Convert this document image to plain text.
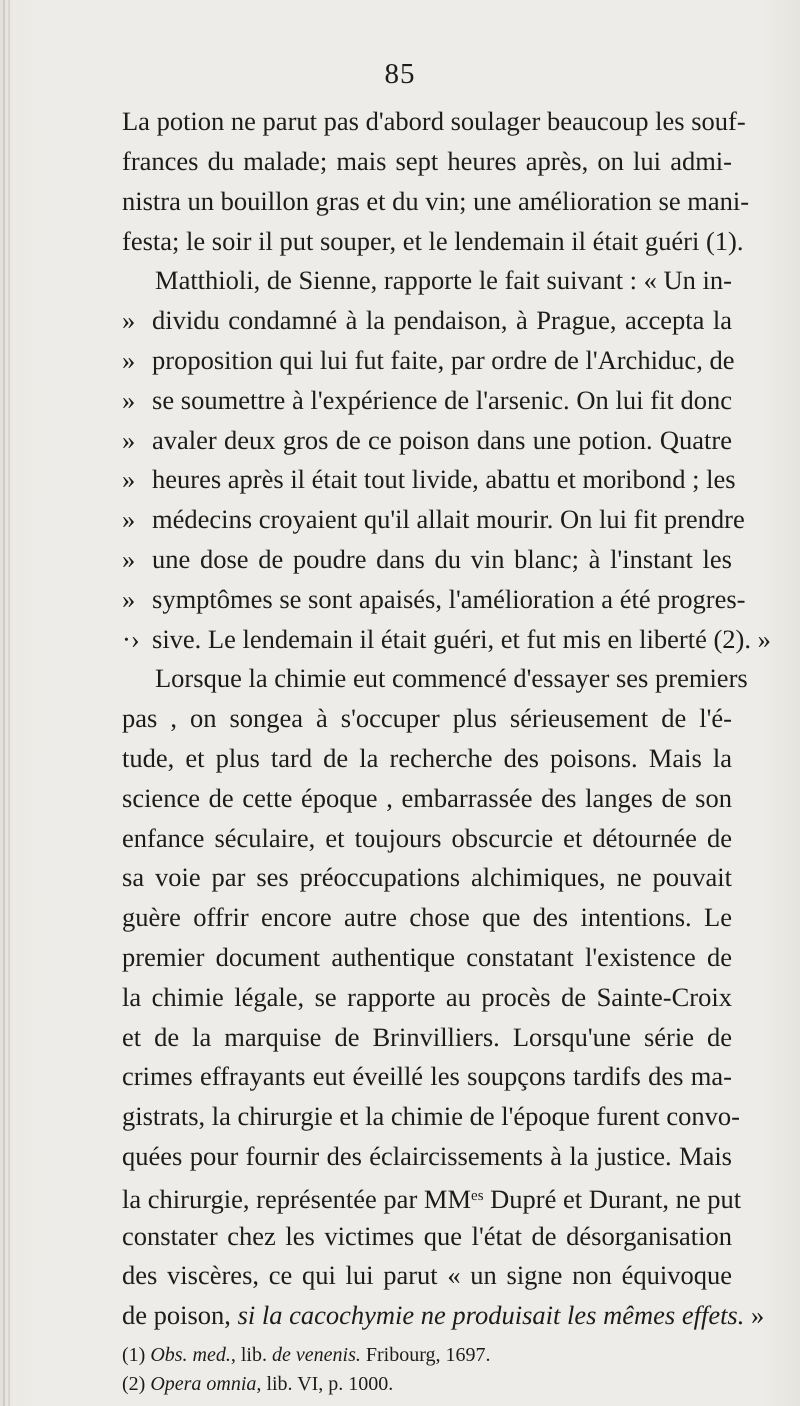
85
La potion ne parut pas d'abord soulager beaucoup les souf-
frances du malade; mais sept heures après, on lui admi-
nistra un bouillon gras et du vin; une amélioration se mani-
festa; le soir il put souper, et le lendemain il était guéri (1).
Matthioli, de Sienne, rapporte le fait suivant : « Un in-
» dividu condamné à la pendaison, à Prague, accepta la
» proposition qui lui fut faite, par ordre de l'Archiduc, de
» se soumettre à l'expérience de l'arsenic. On lui fit donc
» avaler deux gros de ce poison dans une potion. Quatre
» heures après il était tout livide, abattu et moribond ; les
» médecins croyaient qu'il allait mourir. On lui fit prendre
» une dose de poudre dans du vin blanc; à l'instant les
» symptômes se sont apaisés, l'amélioration a été progres-
·› sive. Le lendemain il était guéri, et fut mis en liberté (2). »
Lorsque la chimie eut commencé d'essayer ses premiers
pas , on songea à s'occuper plus sérieusement de l'é-
tude, et plus tard de la recherche des poisons. Mais la
science de cette époque , embarrassée des langes de son
enfance séculaire, et toujours obscurcie et détournée de
sa voie par ses préoccupations alchimiques, ne pouvait
guère offrir encore autre chose que des intentions. Le
premier document authentique constatant l'existence de
la chimie légale, se rapporte au procès de Sainte-Croix
et de la marquise de Brinvilliers. Lorsqu'une série de
crimes effrayants eut éveillé les soupçons tardifs des ma-
gistrats, la chirurgie et la chimie de l'époque furent convo-
quées pour fournir des éclaircissements à la justice. Mais
la chirurgie, représentée par $MM^{es}$ Dupré et Durant, ne put
constater chez les victimes que l'état de désorganisation
des viscères, ce qui lui parut « un signe non équivoque
de poison, si la cacochymie ne produisait les mêmes effets. »
(1) Obs. med., lib. de venenis. Fribourg, 1697.
(2) Opera omnia, lib. VI, p. 1000.
